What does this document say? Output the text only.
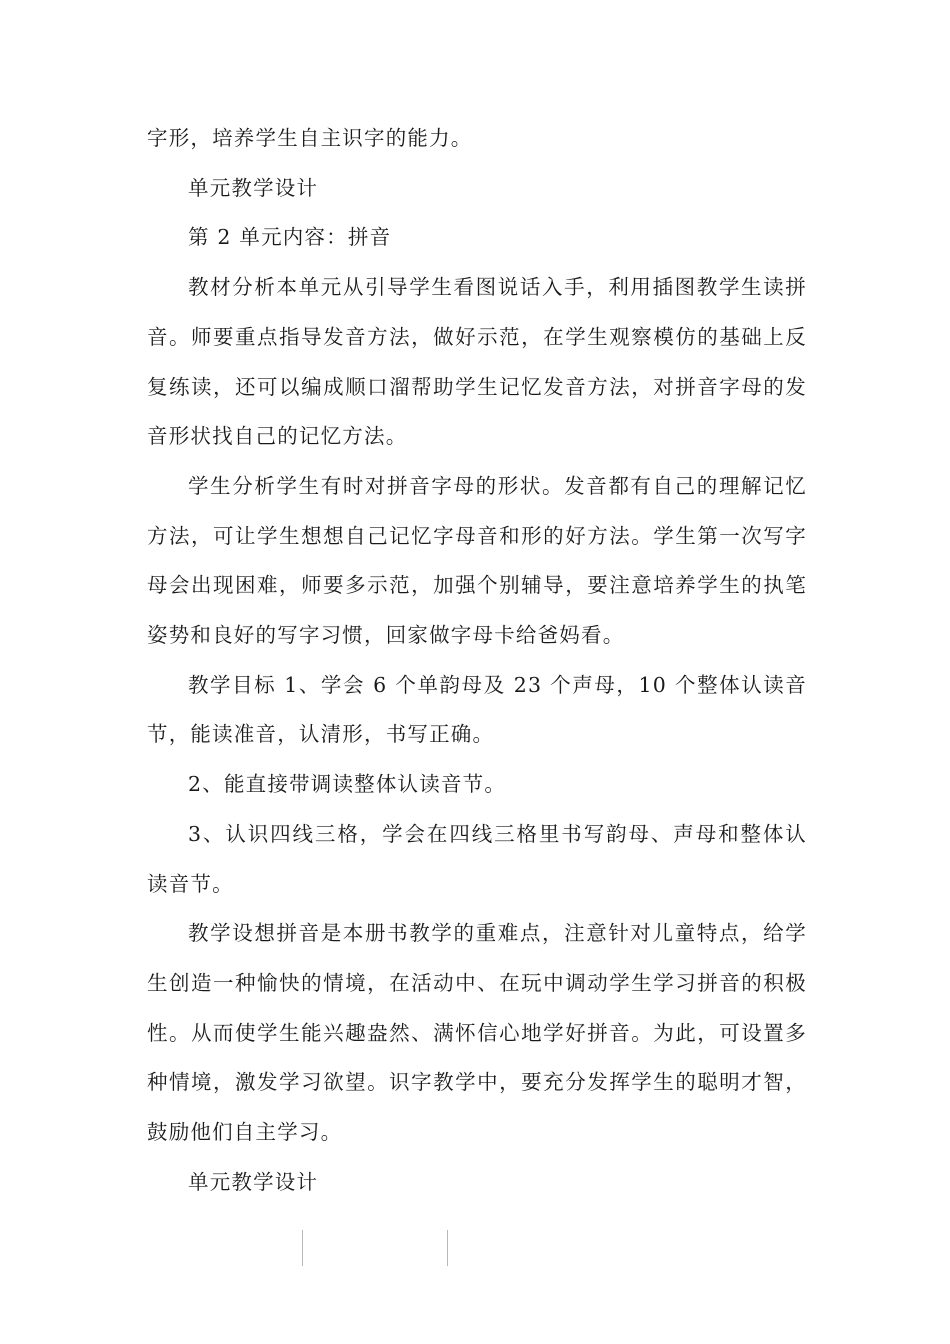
字形，培养学生自主识字的能力。

单元教学设计

第 2 单元内容：拼音

教材分析本单元从引导学生看图说话入手，利用插图教学生读拼音。师要重点指导发音方法，做好示范，在学生观察模仿的基础上反复练读，还可以编成顺口溜帮助学生记忆发音方法，对拼音字母的发音形状找自己的记忆方法。

学生分析学生有时对拼音字母的形状。发音都有自己的理解记忆方法，可让学生想想自己记忆字母音和形的好方法。学生第一次写字母会出现困难，师要多示范，加强个别辅导，要注意培养学生的执笔姿势和良好的写字习惯，回家做字母卡给爸妈看。

教学目标 1、学会 6 个单韵母及 23 个声母，10 个整体认读音节，能读准音，认清形，书写正确。

2、能直接带调读整体认读音节。

3、认识四线三格，学会在四线三格里书写韵母、声母和整体认读音节。

教学设想拼音是本册书教学的重难点，注意针对儿童特点，给学生创造一种愉快的情境，在活动中、在玩中调动学生学习拼音的积极性。从而使学生能兴趣盎然、满怀信心地学好拼音。为此，可设置多种情境，激发学习欲望。识字教学中，要充分发挥学生的聪明才智，鼓励他们自主学习。

单元教学设计
